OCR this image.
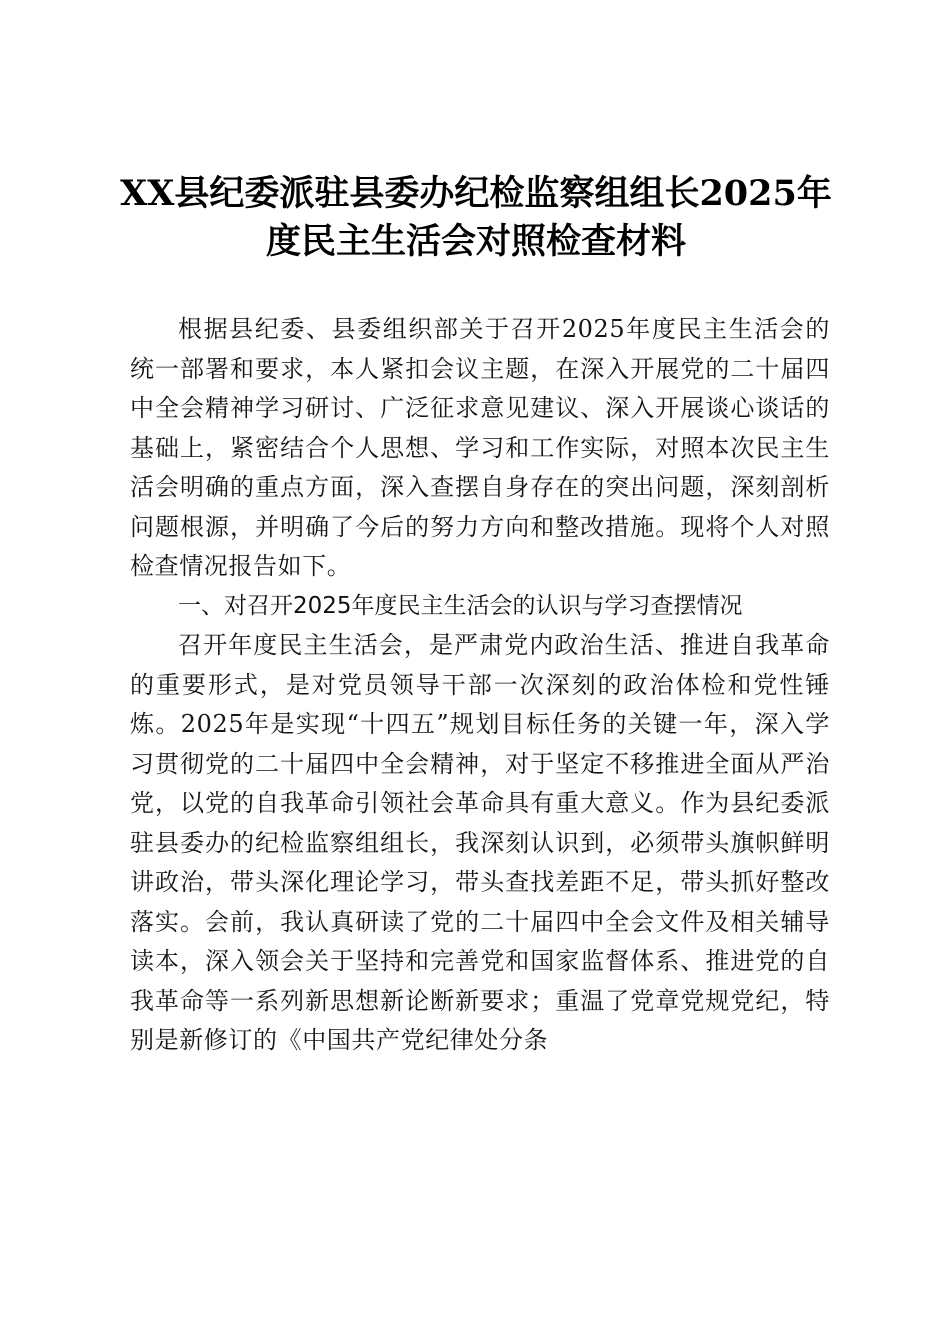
XX县纪委派驻县委办纪检监察组组长2025年
度民主生活会对照检查材料

根据县纪委、县委组织部关于召开2025年度民主生活会的统一部署和要求，本人紧扣会议主题，在深入开展党的二十届四中全会精神学习研讨、广泛征求意见建议、深入开展谈心谈话的基础上，紧密结合个人思想、学习和工作实际，对照本次民主生活会明确的重点方面，深入查摆自身存在的突出问题，深刻剖析问题根源，并明确了今后的努力方向和整改措施。现将个人对照检查情况报告如下。

一、对召开2025年度民主生活会的认识与学习查摆情况

召开年度民主生活会，是严肃党内政治生活、推进自我革命的重要形式，是对党员领导干部一次深刻的政治体检和党性锤炼。2025年是实现“十四五”规划目标任务的关键一年，深入学习贯彻党的二十届四中全会精神，对于坚定不移推进全面从严治党，以党的自我革命引领社会革命具有重大意义。作为县纪委派驻县委办的纪检监察组组长，我深刻认识到，必须带头旗帜鲜明讲政治，带头深化理论学习，带头查找差距不足，带头抓好整改落实。会前，我认真研读了党的二十届四中全会文件及相关辅导读本，深入领会关于坚持和完善党和国家监督体系、推进党的自我革命等一系列新思想新论断新要求；重温了党章党规党纪，特别是新修订的《中国共产党纪律处分条
